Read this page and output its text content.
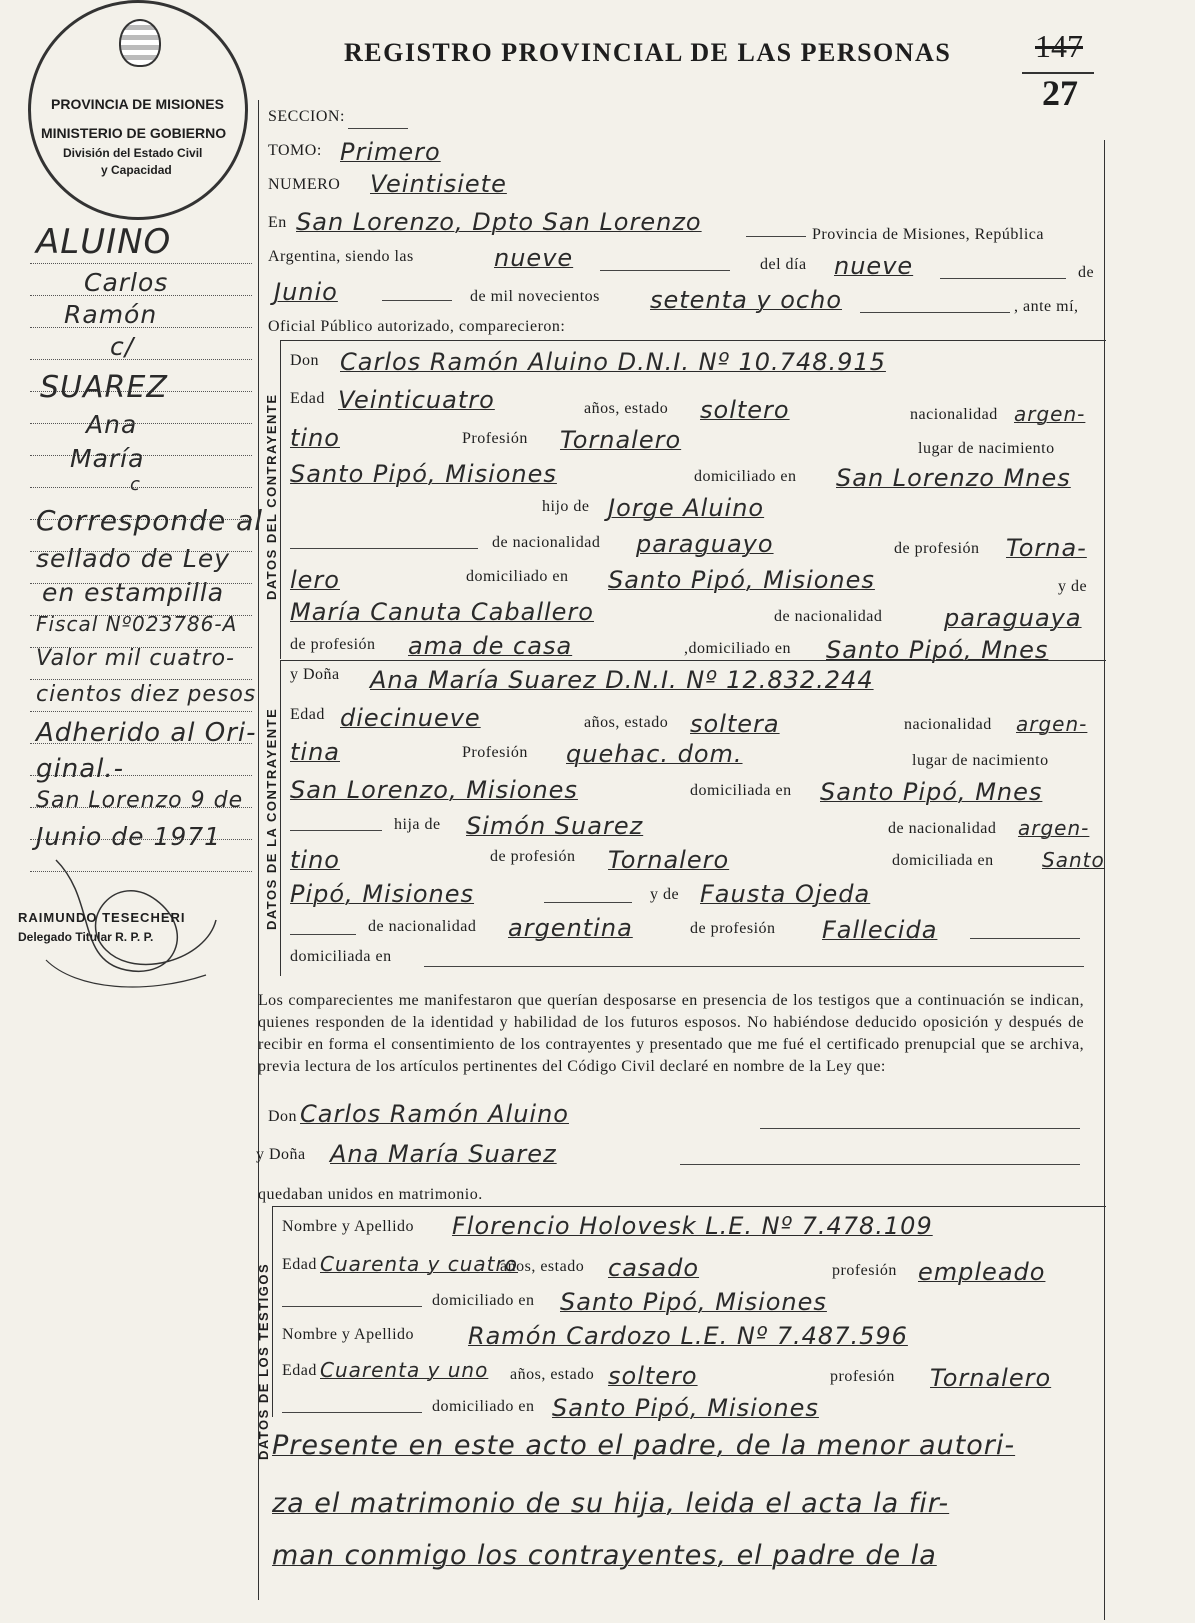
REGISTRO PROVINCIAL DE LAS PERSONAS	147
27
PROVINCIA DE MISIONES
MINISTERIO DE GOBIERNO
División del Estado Civil
y Capacidad
ALUINO
Carlos
Ramón
c/
SUAREZ
Ana
María
c
Corresponde al
sellado de Ley
en estampilla
Fiscal Nº023786-A
Valor mil cuatro-
cientos diez pesos
Adherido al Ori-
ginal.-
San Lorenzo 9 de
Junio de 1971
RAIMUNDO TESECHERI
Delegado Titular R. P. P.
SECCION:
TOMO: Primero
NUMERO Veintisiete
En San Lorenzo, Dpto San Lorenzo	Provincia de Misiones, República
Argentina, siendo las	nueve	del día nueve	de
Junio	de mil novecientos setenta y ocho	, ante mí,
Oficial Público autorizado, comparecieron:
DATOS DEL CONTRAYENTE
Don Carlos Ramón Aluino D.N.I. Nº 10.748.915
Edad Veinticuatro	años, estado soltero	nacionalidad argen-
tino	Profesión Tornalero	lugar de nacimiento
Santo Pipó, Misiones	domiciliado en San Lorenzo Mnes
hijo de Jorge Aluino
de nacionalidad paraguayo	de profesión Torna-
lero	domiciliado en Santo Pipó, Misiones	y de
María Canuta Caballero	de nacionalidad	paraguaya
de profesión ama de casa	,domiciliado en Santo Pipó, Mnes
DATOS DE LA CONTRAYENTE
y Doña Ana María Suarez D.N.I. Nº 12.832.244
Edad diecinueve	años, estado soltera	nacionalidad argen-
tina	Profesión quehac. dom.	lugar de nacimiento
San Lorenzo, Misiones	domiciliada en Santo Pipó, Mnes
hija de Simón Suarez	de nacionalidad argen-
tino	de profesión Tornalero	domiciliada en Santo
Pipó, Misiones	y de Fausta Ojeda
de nacionalidad argentina	de profesión Fallecida
domiciliada en
Los comparecientes me manifestaron que querían desposarse en presencia de los testigos que a continuación se indican, quienes responden de la identidad y habilidad de los futuros esposos. No habiéndose deducido oposición y después de recibir en forma el consentimiento de los contrayentes y presentado que me fué el certificado prenupcial que se archiva, previa lectura de los artículos pertinentes del Código Civil declaré en nombre de la Ley que:
Don Carlos Ramón Aluino
y Doña Ana María Suarez
quedaban unidos en matrimonio.
DATOS DE LOS TESTIGOS
Nombre y Apellido Florencio Holovesk L.E. Nº 7.478.109
Edad Cuarenta y cuatro
años, estado casado	profesión empleado
domiciliado en Santo Pipó, Misiones
Nombre y Apellido Ramón Cardozo L.E. Nº 7.487.596
Edad Cuarenta y uno años, estado soltero	profesión Tornalero
domiciliado en Santo Pipó, Misiones
Presente en este acto el padre, de la menor autori-
za el matrimonio de su hija, leida el acta la fir-
man conmigo los contrayentes, el padre de la
